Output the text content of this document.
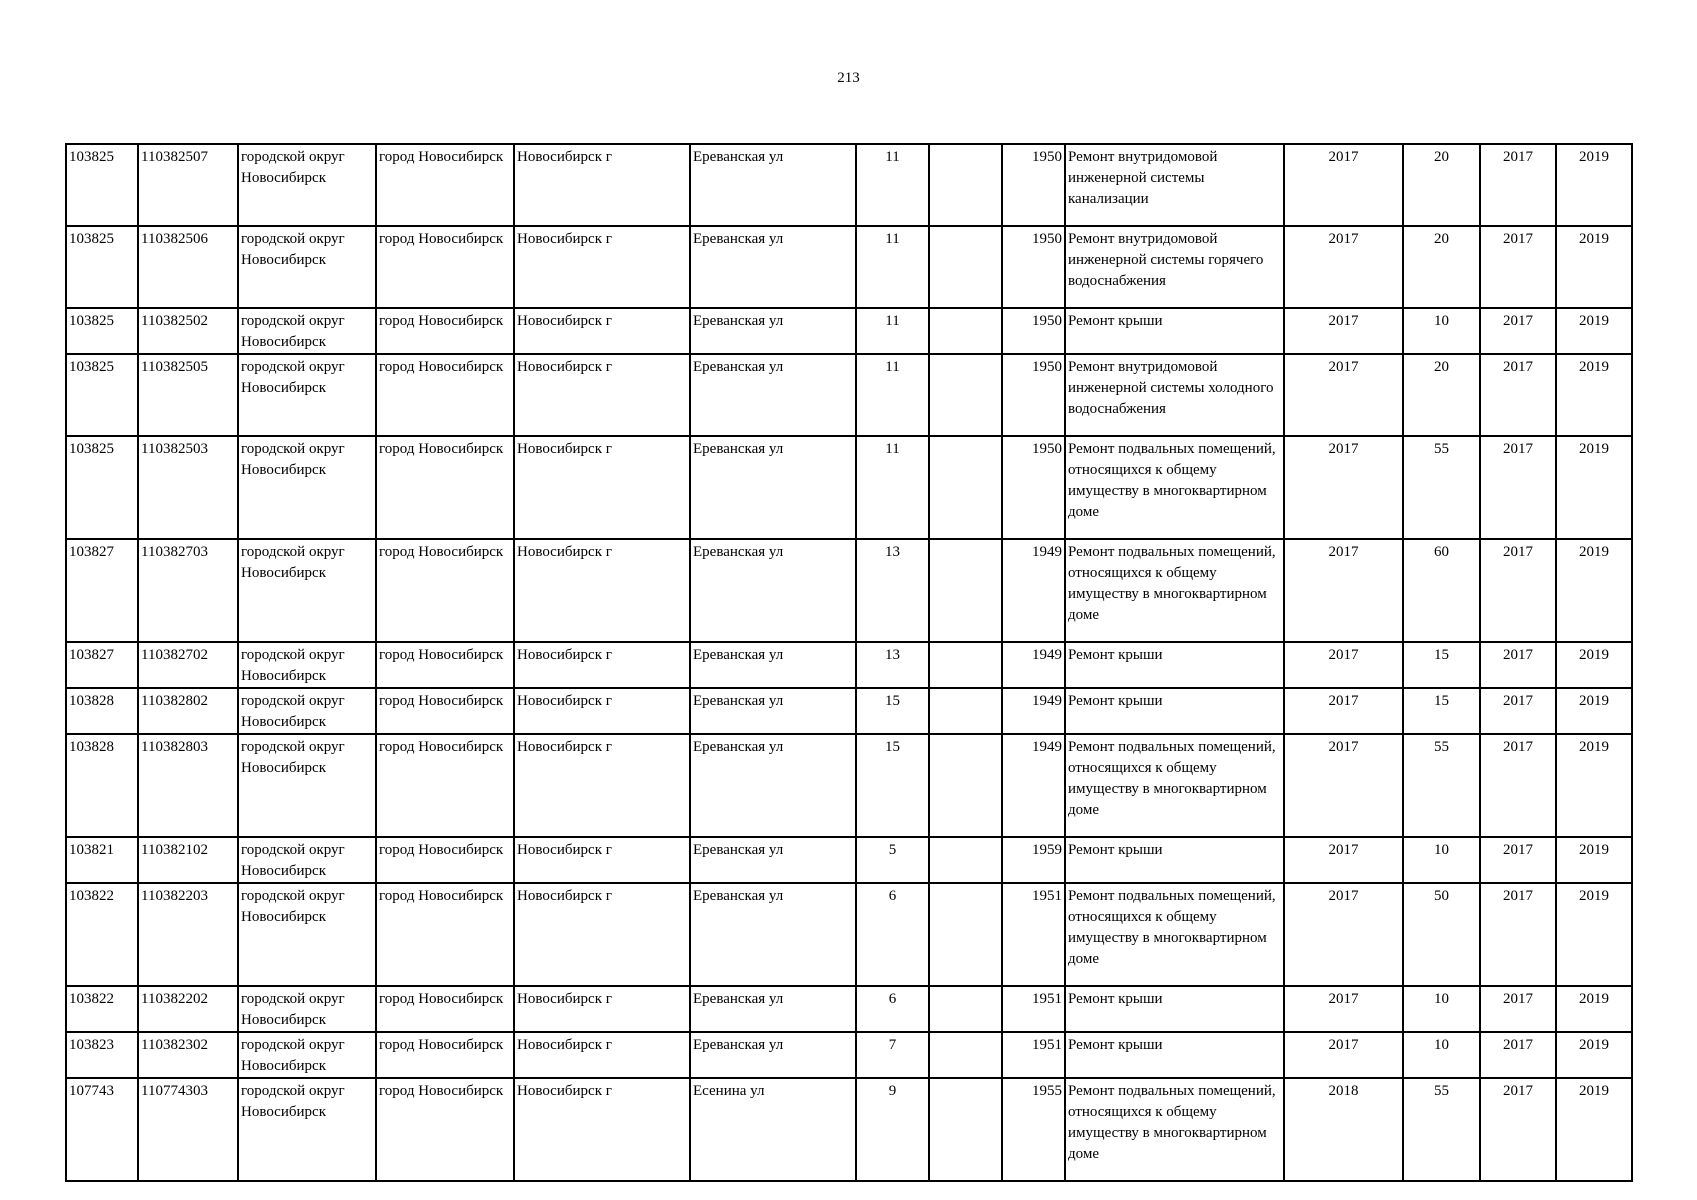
213
103825	110382507	городской округ Новосибирск	город Новосибирск	Новосибирск г	Ереванская ул	11		1950	Ремонт внутридомовой инженерной системы канализации	2017	20	2017	2019
103825	110382506	городской округ Новосибирск	город Новосибирск	Новосибирск г	Ереванская ул	11		1950	Ремонт внутридомовой инженерной системы горячего водоснабжения	2017	20	2017	2019
103825	110382502	городской округ Новосибирск	город Новосибирск	Новосибирск г	Ереванская ул	11		1950	Ремонт крыши	2017	10	2017	2019
103825	110382505	городской округ Новосибирск	город Новосибирск	Новосибирск г	Ереванская ул	11		1950	Ремонт внутридомовой инженерной системы холодного водоснабжения	2017	20	2017	2019
103825	110382503	городской округ Новосибирск	город Новосибирск	Новосибирск г	Ереванская ул	11		1950	Ремонт подвальных помещений, относящихся к общему имуществу в многоквартирном доме	2017	55	2017	2019
103827	110382703	городской округ Новосибирск	город Новосибирск	Новосибирск г	Ереванская ул	13		1949	Ремонт подвальных помещений, относящихся к общему имуществу в многоквартирном доме	2017	60	2017	2019
103827	110382702	городской округ Новосибирск	город Новосибирск	Новосибирск г	Ереванская ул	13		1949	Ремонт крыши	2017	15	2017	2019
103828	110382802	городской округ Новосибирск	город Новосибирск	Новосибирск г	Ереванская ул	15		1949	Ремонт крыши	2017	15	2017	2019
103828	110382803	городской округ Новосибирск	город Новосибирск	Новосибирск г	Ереванская ул	15		1949	Ремонт подвальных помещений, относящихся к общему имуществу в многоквартирном доме	2017	55	2017	2019
103821	110382102	городской округ Новосибирск	город Новосибирск	Новосибирск г	Ереванская ул	5		1959	Ремонт крыши	2017	10	2017	2019
103822	110382203	городской округ Новосибирск	город Новосибирск	Новосибирск г	Ереванская ул	6		1951	Ремонт подвальных помещений, относящихся к общему имуществу в многоквартирном доме	2017	50	2017	2019
103822	110382202	городской округ Новосибирск	город Новосибирск	Новосибирск г	Ереванская ул	6		1951	Ремонт крыши	2017	10	2017	2019
103823	110382302	городской округ Новосибирск	город Новосибирск	Новосибирск г	Ереванская ул	7		1951	Ремонт крыши	2017	10	2017	2019
107743	110774303	городской округ Новосибирск	город Новосибирск	Новосибирск г	Есенина ул	9		1955	Ремонт подвальных помещений, относящихся к общему имуществу в многоквартирном доме	2018	55	2017	2019
